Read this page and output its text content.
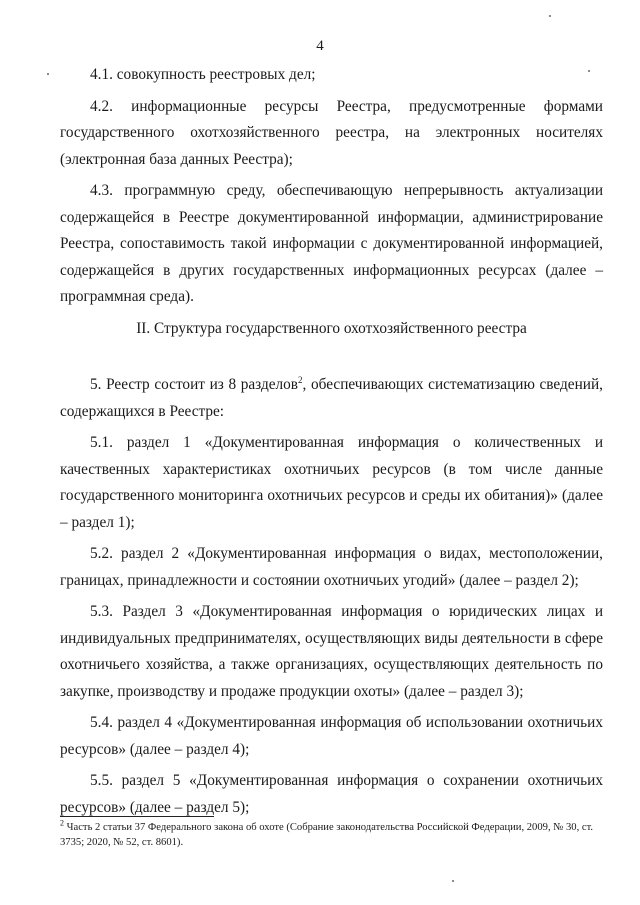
4

4.1. совокупность реестровых дел;

4.2. информационные ресурсы Реестра, предусмотренные формами государственного охотхозяйственного реестра, на электронных носителях (электронная база данных Реестра);

4.3. программную среду, обеспечивающую непрерывность актуализации содержащейся в Реестре документированной информации, администрирование Реестра, сопоставимость такой информации с документированной информацией, содержащейся в других государственных информационных ресурсах (далее – программная среда).

II. Структура государственного охотхозяйственного реестра

5. Реестр состоит из 8 разделов$^2$, обеспечивающих систематизацию сведений, содержащихся в Реестре:

5.1. раздел 1 «Документированная информация о количественных и качественных характеристиках охотничьих ресурсов (в том числе данные государственного мониторинга охотничьих ресурсов и среды их обитания)» (далее – раздел 1);

5.2. раздел 2 «Документированная информация о видах, местоположении, границах, принадлежности и состоянии охотничьих угодий» (далее – раздел 2);

5.3. Раздел 3 «Документированная информация о юридических лицах и индивидуальных предпринимателях, осуществляющих виды деятельности в сфере охотничьего хозяйства, а также организациях, осуществляющих деятельность по закупке, производству и продаже продукции охоты» (далее – раздел 3);

5.4. раздел 4 «Документированная информация об использовании охотничьих ресурсов» (далее – раздел 4);

5.5. раздел 5 «Документированная информация о сохранении охотничьих ресурсов» (далее – раздел 5);

$^2$ Часть 2 статьи 37 Федерального закона об охоте (Собрание законодательства Российской Федерации, 2009, № 30, ст. 3735; 2020, № 52, ст. 8601).
